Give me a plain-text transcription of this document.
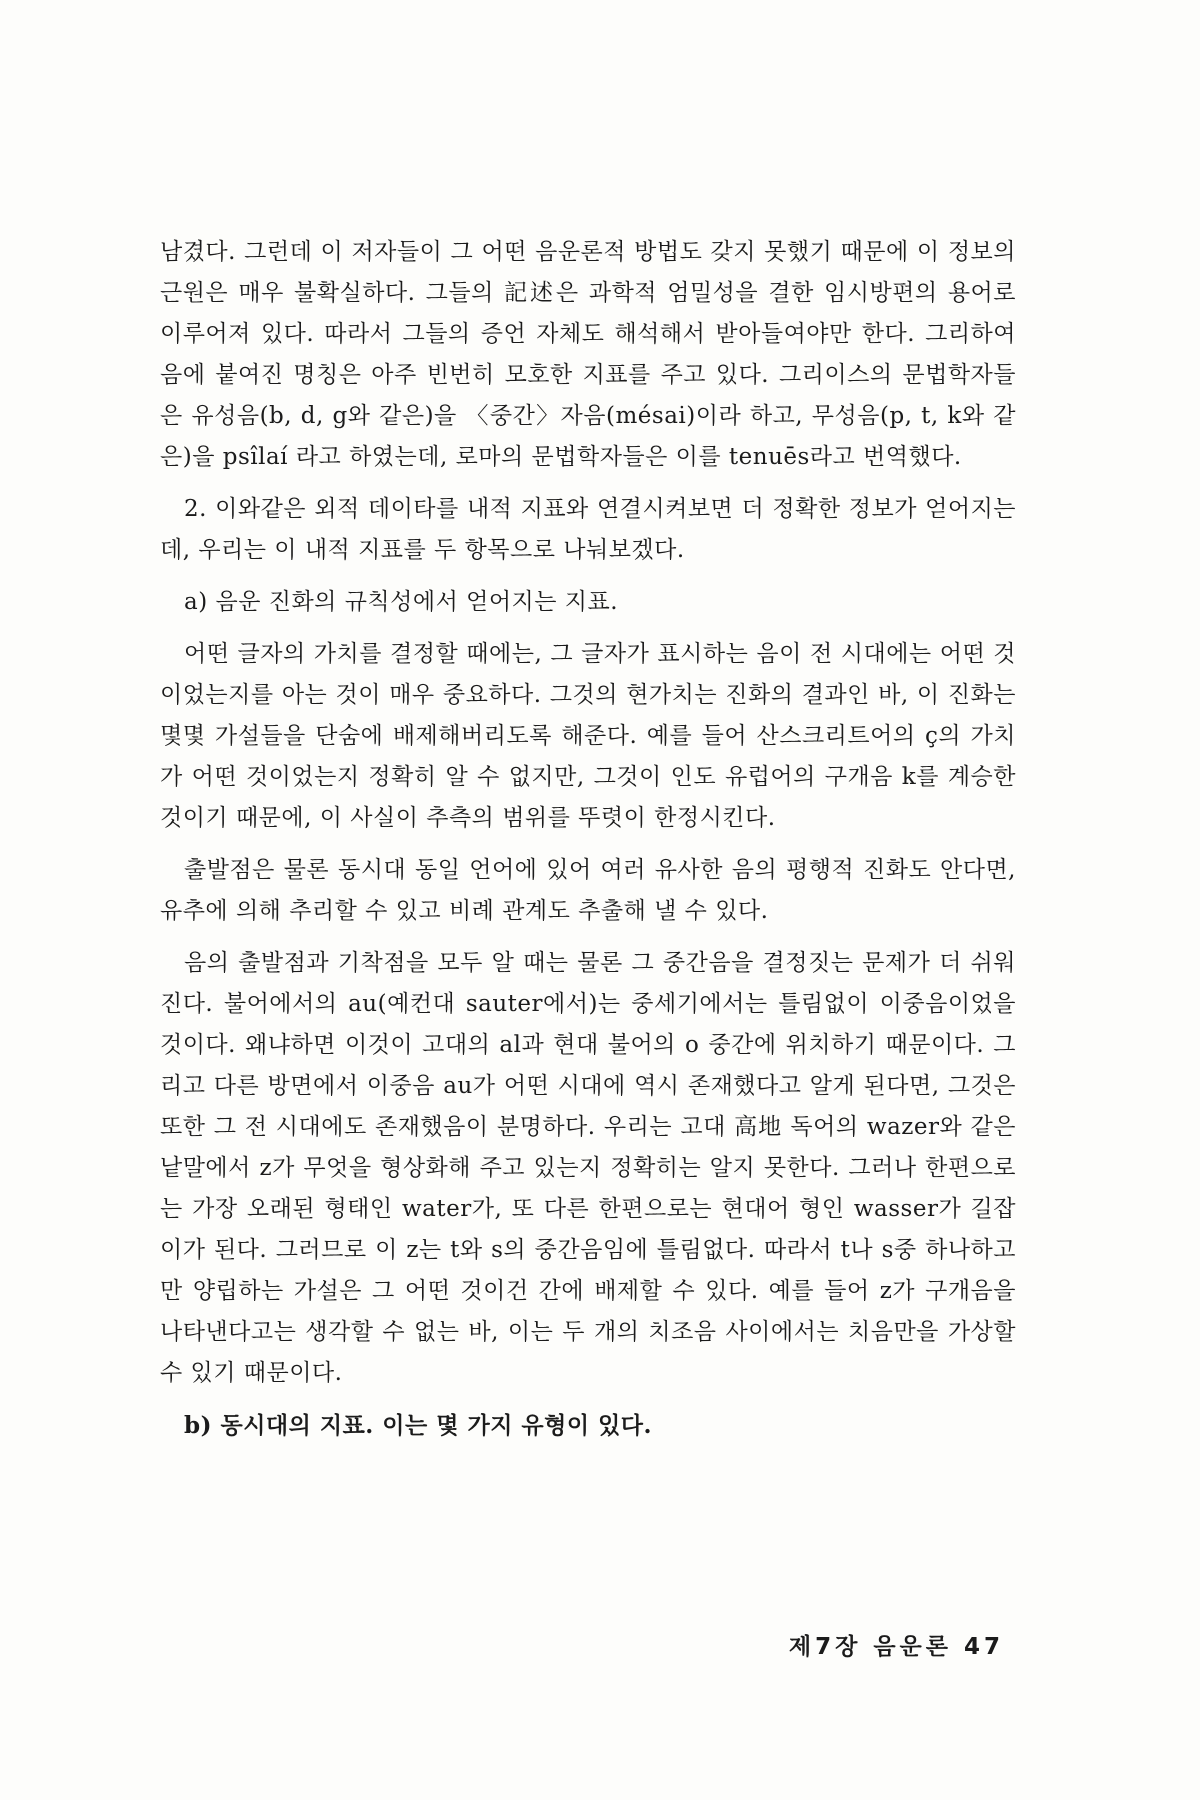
남겼다. 그런데 이 저자들이 그 어떤 음운론적 방법도 갖지 못했기 때문에 이 정보의 근원은 매우 불확실하다. 그들의 記述은 과학적 엄밀성을 결한 임시방편의 용어로 이루어져 있다. 따라서 그들의 증언 자체도 해석해서 받아들여야만 한다. 그리하여 음에 붙여진 명칭은 아주 빈번히 모호한 지표를 주고 있다. 그리이스의 문법학자들은 유성음(b, d, g와 같은)을 〈중간〉자음(mésai)이라 하고, 무성음(p, t, k와 같은)을 psîlaí 라고 하였는데, 로마의 문법학자들은 이를 tenuēs라고 번역했다.

2. 이와같은 외적 데이타를 내적 지표와 연결시켜보면 더 정확한 정보가 얻어지는데, 우리는 이 내적 지표를 두 항목으로 나눠보겠다.

a) 음운 진화의 규칙성에서 얻어지는 지표.

어떤 글자의 가치를 결정할 때에는, 그 글자가 표시하는 음이 전 시대에는 어떤 것이었는지를 아는 것이 매우 중요하다. 그것의 현가치는 진화의 결과인 바, 이 진화는 몇몇 가설들을 단숨에 배제해버리도록 해준다. 예를 들어 산스크리트어의 ç의 가치가 어떤 것이었는지 정확히 알 수 없지만, 그것이 인도 유럽어의 구개음 k를 계승한 것이기 때문에, 이 사실이 추측의 범위를 뚜렷이 한정시킨다.

출발점은 물론 동시대 동일 언어에 있어 여러 유사한 음의 평행적 진화도 안다면, 유추에 의해 추리할 수 있고 비례 관계도 추출해 낼 수 있다.

음의 출발점과 기착점을 모두 알 때는 물론 그 중간음을 결정짓는 문제가 더 쉬워진다. 불어에서의 au(예컨대 sauter에서)는 중세기에서는 틀림없이 이중음이었을 것이다. 왜냐하면 이것이 고대의 al과 현대 불어의 o 중간에 위치하기 때문이다. 그리고 다른 방면에서 이중음 au가 어떤 시대에 역시 존재했다고 알게 된다면, 그것은 또한 그 전 시대에도 존재했음이 분명하다. 우리는 고대 高地 독어의 wazer와 같은 낱말에서 z가 무엇을 형상화해 주고 있는지 정확히는 알지 못한다. 그러나 한편으로는 가장 오래된 형태인 water가, 또 다른 한편으로는 현대어 형인 wasser가 길잡이가 된다. 그러므로 이 z는 t와 s의 중간음임에 틀림없다. 따라서 t나 s중 하나하고만 양립하는 가설은 그 어떤 것이건 간에 배제할 수 있다. 예를 들어 z가 구개음을 나타낸다고는 생각할 수 없는 바, 이는 두 개의 치조음 사이에서는 치음만을 가상할 수 있기 때문이다.

b) 동시대의 지표. 이는 몇 가지 유형이 있다.

제7장 음운론 47
